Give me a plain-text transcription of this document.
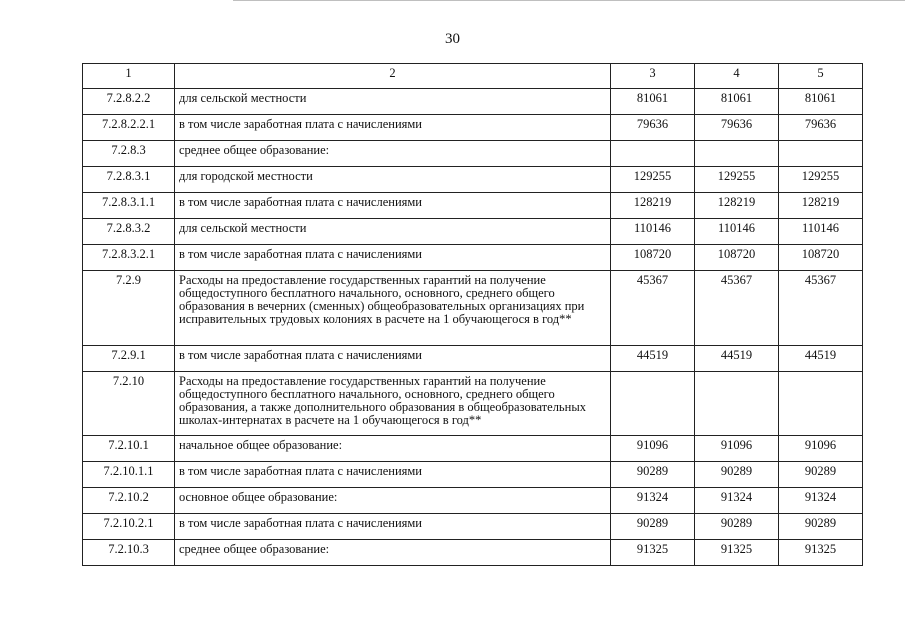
30
1	2	3	4	5
7.2.8.2.2	для сельской местности	81061	81061	81061
7.2.8.2.2.1	в том числе заработная плата с начислениями	79636	79636	79636
7.2.8.3	среднее общее образование:			
7.2.8.3.1	для городской местности	129255	129255	129255
7.2.8.3.1.1	в том числе заработная плата с начислениями	128219	128219	128219
7.2.8.3.2	для сельской местности	110146	110146	110146
7.2.8.3.2.1	в том числе заработная плата с начислениями	108720	108720	108720
7.2.9	Расходы на предоставление государственных гарантий на получение общедоступного бесплатного начального, основного, среднего общего образования в вечерних (сменных) общеобразовательных организациях при исправительных трудовых колониях в расчете на 1 обучающегося в год**	45367	45367	45367
7.2.9.1	в том числе заработная плата с начислениями	44519	44519	44519
7.2.10	Расходы на предоставление государственных гарантий на получение общедоступного бесплатного начального, основного, среднего общего образования, а также дополнительного образования в общеобразовательных школах-интернатах в расчете на 1 обучающегося в год**			
7.2.10.1	начальное общее образование:	91096	91096	91096
7.2.10.1.1	в том числе заработная плата с начислениями	90289	90289	90289
7.2.10.2	основное общее образование:	91324	91324	91324
7.2.10.2.1	в том числе заработная плата с начислениями	90289	90289	90289
7.2.10.3	среднее общее образование:	91325	91325	91325
